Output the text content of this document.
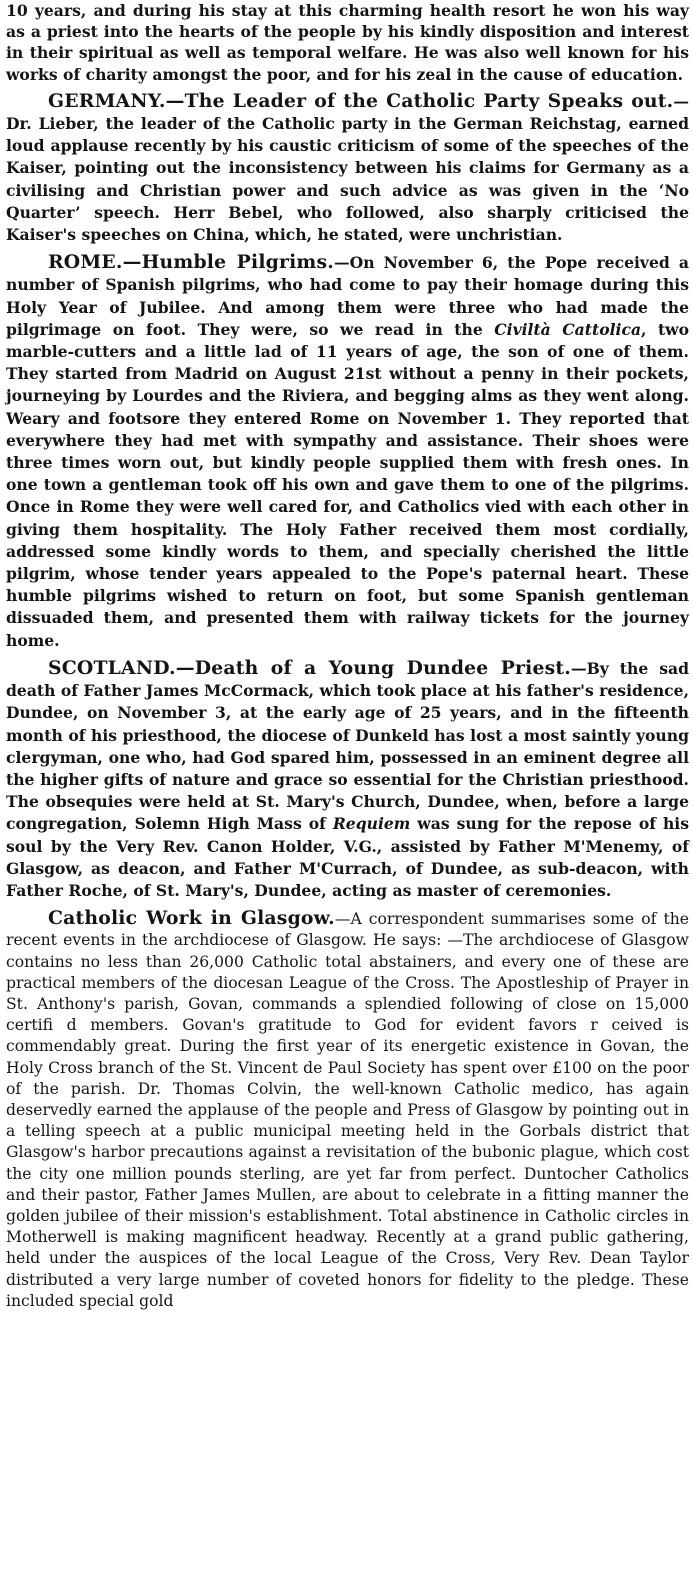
10 years, and during his stay at this charming health resort he won his way as a priest into the hearts of the people by his kindly disposition and interest in their spiritual as well as temporal welfare. He was also well known for his works of charity amongst the poor, and for his zeal in the cause of education.

GERMANY.—The Leader of the Catholic Party Speaks out.—Dr. Lieber, the leader of the Catholic party in the German Reichstag, earned loud applause recently by his caustic criticism of some of the speeches of the Kaiser, pointing out the inconsistency between his claims for Germany as a civilising and Christian power and such advice as was given in the ‘No Quarter’ speech. Herr Bebel, who followed, also sharply criticised the Kaiser's speeches on China, which, he stated, were unchristian.

ROME.—Humble Pilgrims.—On November 6, the Pope received a number of Spanish pilgrims, who had come to pay their homage during this Holy Year of Jubilee. And among them were three who had made the pilgrimage on foot. They were, so we read in the Civiltà Cattolica, two marble-cutters and a little lad of 11 years of age, the son of one of them. They started from Madrid on August 21st without a penny in their pockets, journeying by Lourdes and the Riviera, and begging alms as they went along. Weary and footsore they entered Rome on November 1. They reported that everywhere they had met with sympathy and assistance. Their shoes were three times worn out, but kindly people supplied them with fresh ones. In one town a gentleman took off his own and gave them to one of the pilgrims. Once in Rome they were well cared for, and Catholics vied with each other in giving them hospitality. The Holy Father received them most cordially, addressed some kindly words to them, and specially cherished the little pilgrim, whose tender years appealed to the Pope's paternal heart. These humble pilgrims wished to return on foot, but some Spanish gentleman dissuaded them, and presented them with railway tickets for the journey home.

SCOTLAND.—Death of a Young Dundee Priest.—By the sad death of Father James McCormack, which took place at his father's residence, Dundee, on November 3, at the early age of 25 years, and in the fifteenth month of his priesthood, the diocese of Dunkeld has lost a most saintly young clergyman, one who, had God spared him, possessed in an eminent degree all the higher gifts of nature and grace so essential for the Christian priesthood. The obsequies were held at St. Mary's Church, Dundee, when, before a large congregation, Solemn High Mass of Requiem was sung for the repose of his soul by the Very Rev. Canon Holder, V.G., assisted by Father M'Menemy, of Glasgow, as deacon, and Father M'Currach, of Dundee, as sub-deacon, with Father Roche, of St. Mary's, Dundee, acting as master of ceremonies.

Catholic Work in Glasgow.—A correspondent summarises some of the recent events in the archdiocese of Glasgow. He says: —The archdiocese of Glasgow contains no less than 26,000 Catholic total abstainers, and every one of these are practical members of the diocesan League of the Cross. The Apostleship of Prayer in St. Anthony's parish, Govan, commands a splendied following of close on 15,000 certifi d members. Govan's gratitude to God for evident favors r ceived is commendably great. During the first year of its energetic existence in Govan, the Holy Cross branch of the St. Vincent de Paul Society has spent over £100 on the poor of the parish. Dr. Thomas Colvin, the well-known Catholic medico, has again deservedly earned the applause of the people and Press of Glasgow by pointing out in a telling speech at a public municipal meeting held in the Gorbals district that Glasgow's harbor precautions against a revisitation of the bubonic plague, which cost the city one million pounds sterling, are yet far from perfect. Duntocher Catholics and their pastor, Father James Mullen, are about to celebrate in a fitting manner the golden jubilee of their mission's establishment. Total abstinence in Catholic circles in Motherwell is making magnificent headway. Recently at a grand public gathering, held under the auspices of the local League of the Cross, Very Rev. Dean Taylor distributed a very large number of coveted honors for fidelity to the pledge. These included special gold
